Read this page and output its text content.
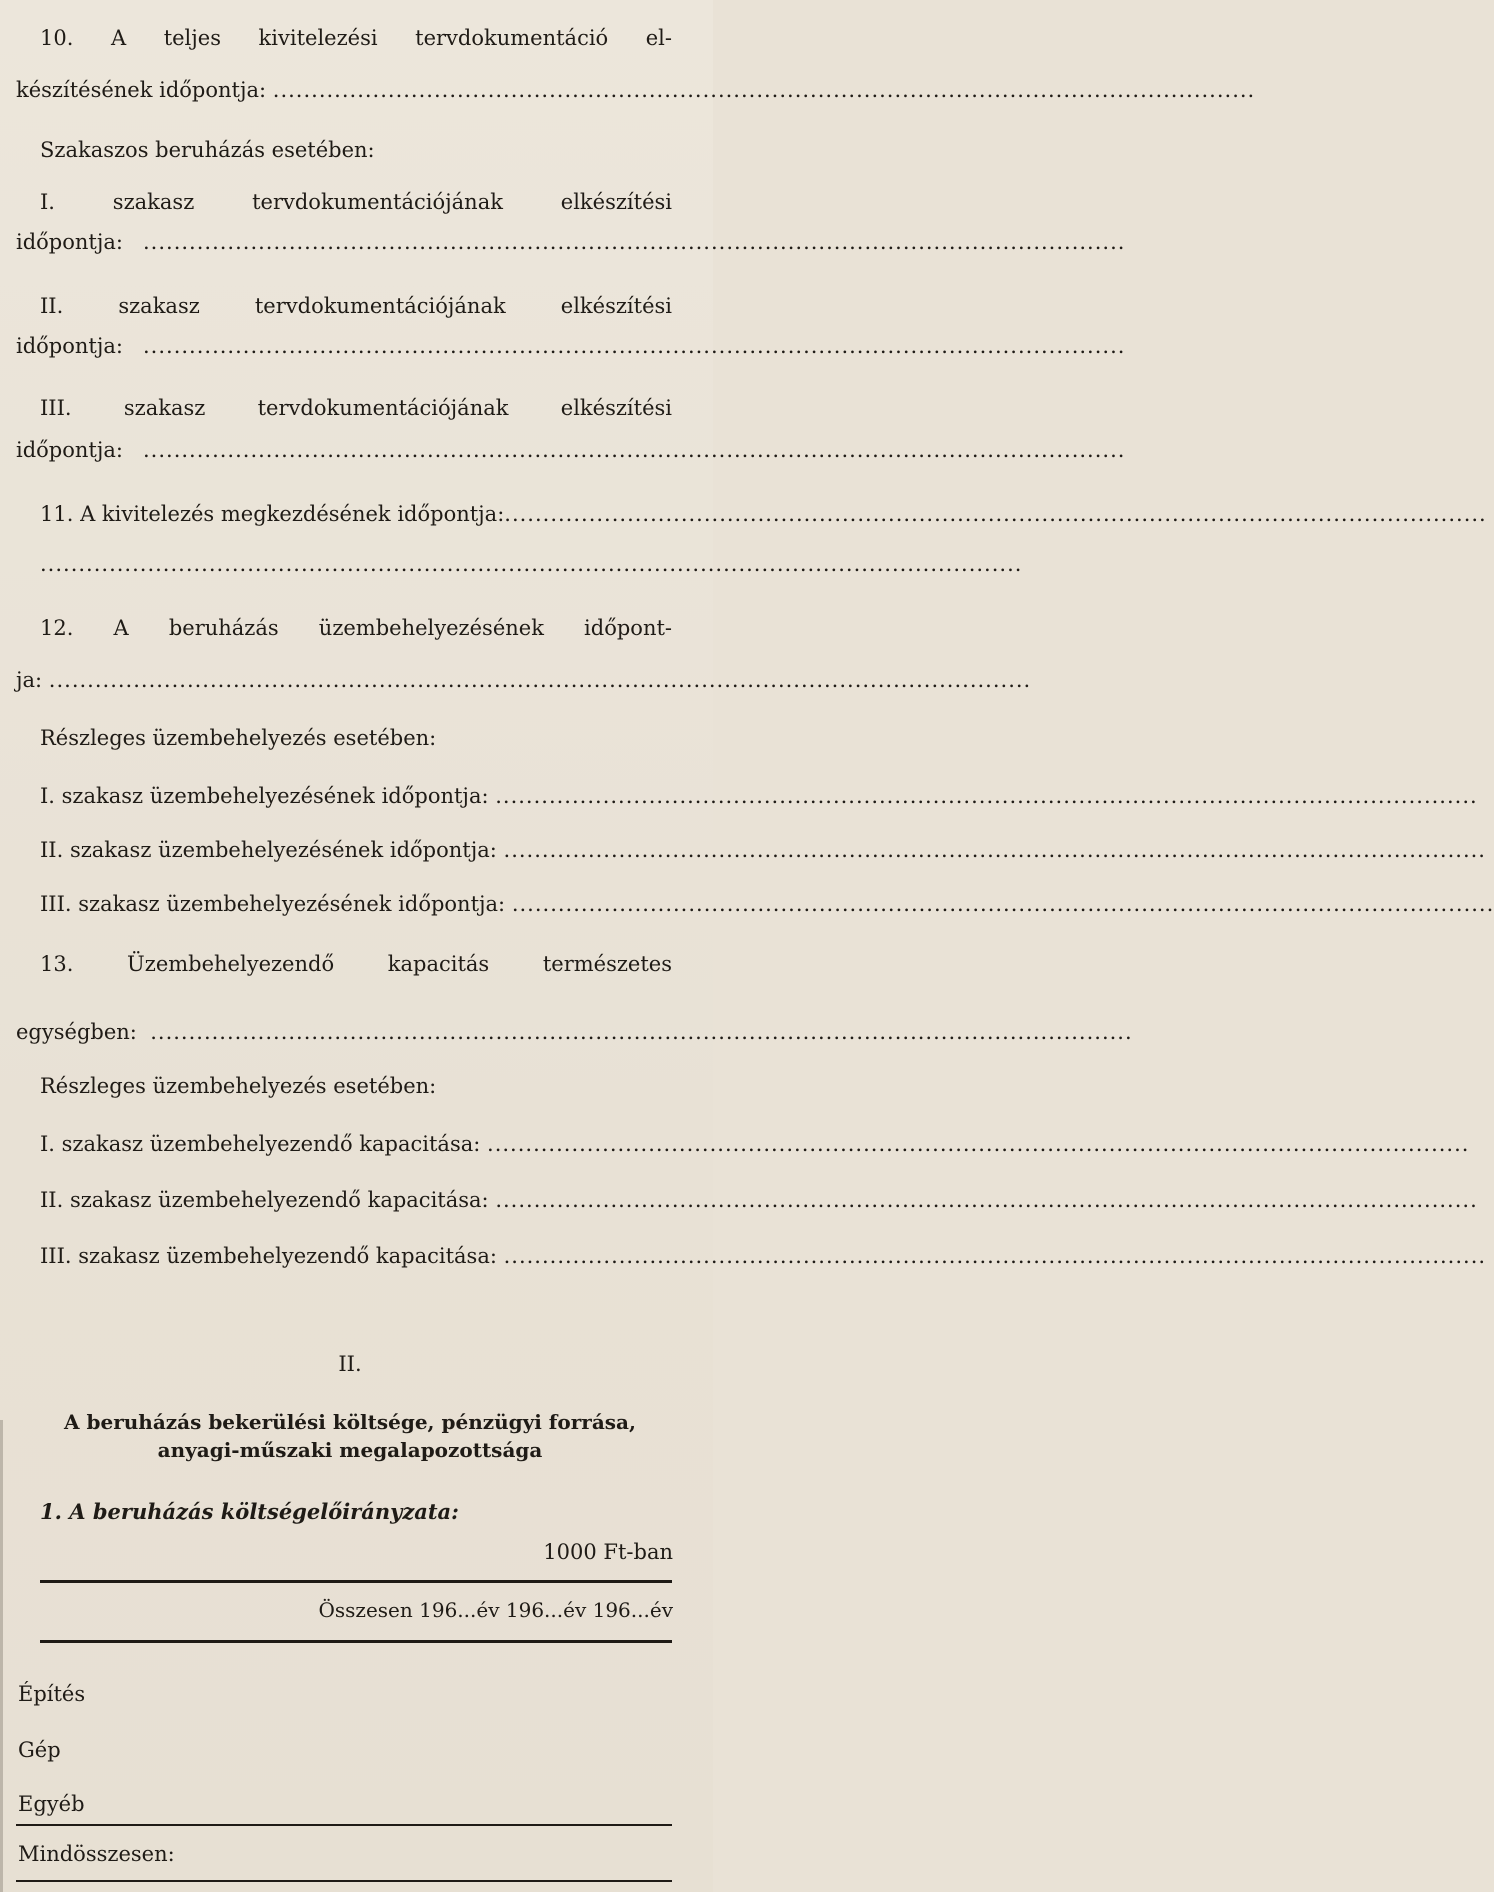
10. A teljes kivitelezési tervdokumentáció el-
készítésének időpontja:
................................................................................................................................
Szakaszos beruházás esetében:
I. szakasz tervdokumentációjának elkészítési
időpontja:
................................................................................................................................
II. szakasz tervdokumentációjának elkészítési
időpontja:
................................................................................................................................
III. szakasz tervdokumentációjának elkészítési
időpontja:
................................................................................................................................
11. A kivitelezés megkezdésének időpontja: ................................................................................................................................
................................................................................................................................
12. A beruházás üzembehelyezésének időpont-
ja:
................................................................................................................................
Részleges üzembehelyezés esetében:
I. szakasz üzembehelyezésének időpontja:
................................................................................................................................
II. szakasz üzembehelyezésének időpontja:
................................................................................................................................
III. szakasz üzembehelyezésének időpontja:
................................................................................................................................
13. Üzembehelyezendő kapacitás természetes
egységben:
................................................................................................................................
Részleges üzembehelyezés esetében:
I. szakasz üzembehelyezendő kapacitása:
................................................................................................................................
II. szakasz üzembehelyezendő kapacitása:
................................................................................................................................
III. szakasz üzembehelyezendő kapacitása:
................................................................................................................................
II.
A beruházás bekerülési költsége, pénzügyi forrása,
anyagi-műszaki megalapozottsága
1. A beruházás költségelőirányzata:
1000 Ft-ban
Összesen 196...év 196...év 196...év
Építés
Gép
Egyéb
Mindösszesen:
